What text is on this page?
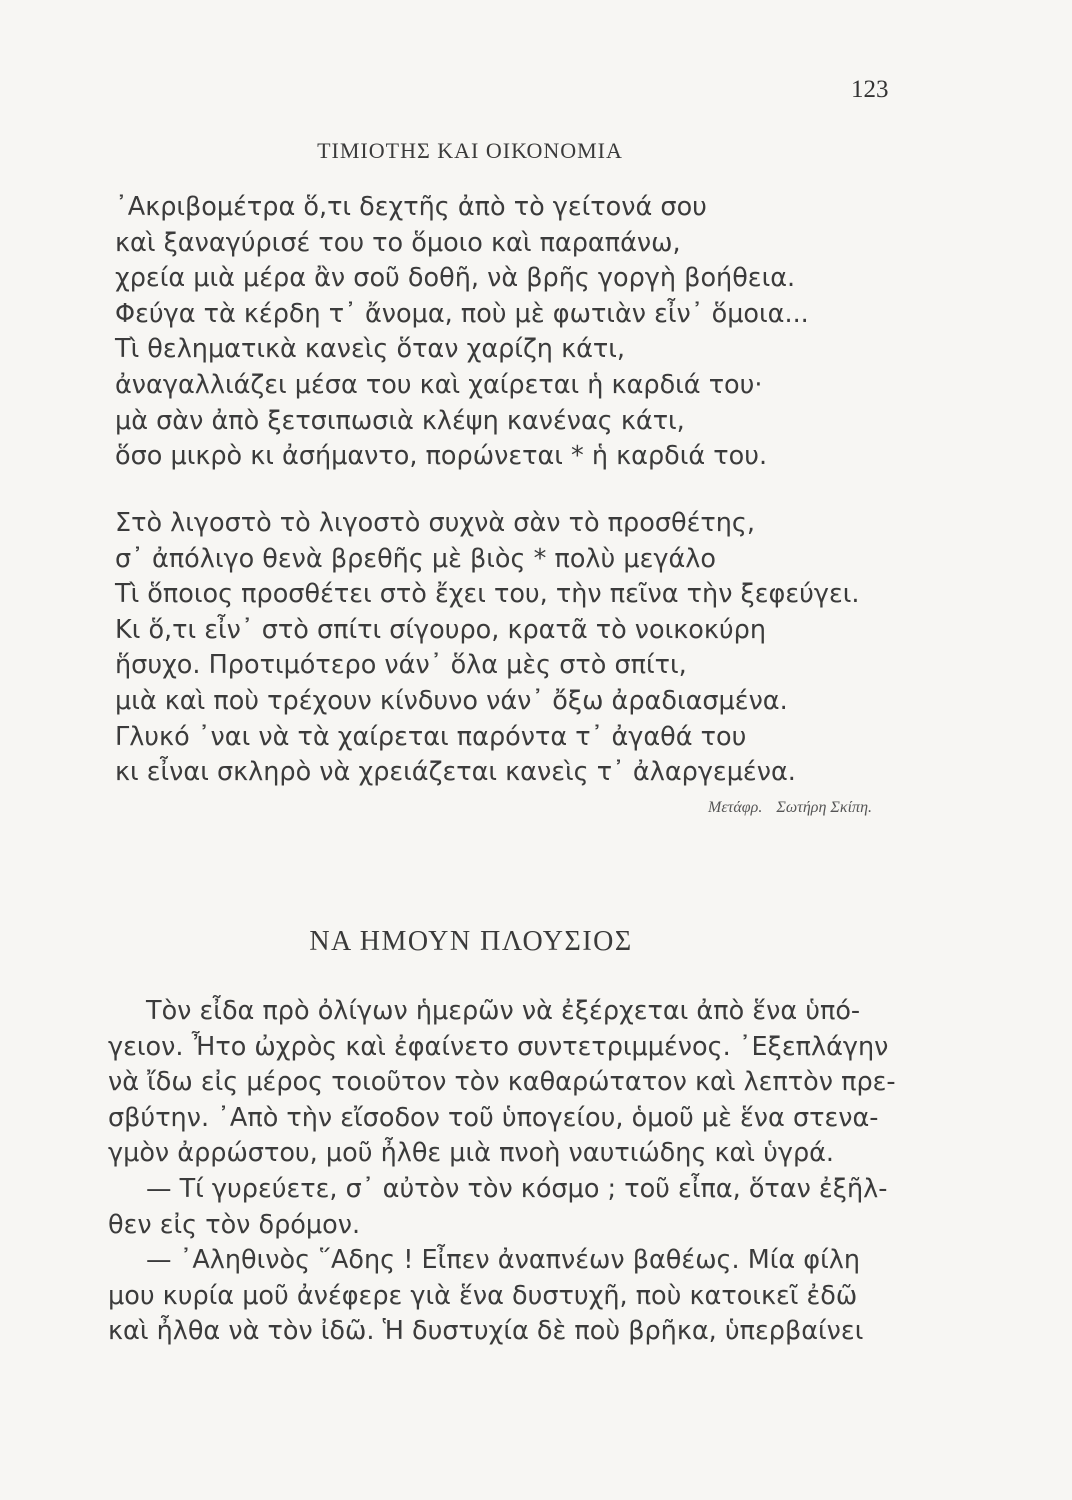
123
ΤΙΜΙΟΤΗΣ ΚΑΙ ΟΙΚΟΝΟΜΙΑ
᾿Ακριβομέτρα ὅ,τι δεχτῆς ἀπὸ τὸ γείτονά σου
καὶ ξαναγύρισέ του το ὅμοιο καὶ παραπάνω,
χρεία μιὰ μέρα ἂν σοῦ δοθῆ, νὰ βρῆς γοργὴ βοήθεια.
Φεύγα τὰ κέρδη τ᾿ ἄνομα, ποὺ μὲ φωτιὰν εἶν᾿ ὅμοια...
Τὶ θεληματικὰ κανεὶς ὅταν χαρίζη κάτι,
ἀναγαλλιάζει μέσα του καὶ χαίρεται ἡ καρδιά του·
μὰ σὰν ἀπὸ ξετσιπωσιὰ κλέψη κανένας κάτι,
ὅσο μικρὸ κι ἀσήμαντο, πορώνεται * ἡ καρδιά του.
Στὸ λιγοστὸ τὸ λιγοστὸ συχνὰ σὰν τὸ προσθέτης,
σ᾿ ἀπόλιγο θενὰ βρεθῆς μὲ βιὸς * πολὺ μεγάλο
Τὶ ὅποιος προσθέτει στὸ ἔχει του, τὴν πεῖνα τὴν ξεφεύγει.
Κι ὅ,τι εἶν᾿ στὸ σπίτι σίγουρο, κρατᾶ τὸ νοικοκύρη
ἥσυχο. Προτιμότερο νάν᾿ ὅλα μὲς στὸ σπίτι,
μιὰ καὶ ποὺ τρέχουν κίνδυνο νάν᾿ ὄξω ἀραδιασμένα.
Γλυκό ᾿ναι νὰ τὰ χαίρεται παρόντα τ᾿ ἀγαθά του
κι εἶναι σκληρὸ νὰ χρειάζεται κανεὶς τ᾿ ἀλαργεμένα.
Μετάφρ. Σωτήρη Σκίπη.
ΝΑ ΗΜΟΥΝ ΠΛΟΥΣΙΟΣ
Τὸν εἶδα πρὸ ὀλίγων ἡμερῶν νὰ ἐξέρχεται ἀπὸ ἕνα ὑπό-
γειον. Ἦτο ὠχρὸς καὶ ἐφαίνετο συντετριμμένος. ᾿Εξεπλάγην
νὰ ἴδω εἰς μέρος τοιοῦτον τὸν καθαρώτατον καὶ λεπτὸν πρε-
σβύτην. ᾿Απὸ τὴν εἴσοδον τοῦ ὑπογείου, ὁμοῦ μὲ ἕνα στενα-
γμὸν ἀρρώστου, μοῦ ἦλθε μιὰ πνοὴ ναυτιώδης καὶ ὑγρά.
— Τί γυρεύετε, σ᾿ αὐτὸν τὸν κόσμο ; τοῦ εἶπα, ὅταν ἐξῆλ-
θεν εἰς τὸν δρόμον.
— ᾿Αληθινὸς ῞Αδης ! Εἶπεν ἀναπνέων βαθέως. Μία φίλη
μου κυρία μοῦ ἀνέφερε γιὰ ἕνα δυστυχῆ, ποὺ κατοικεῖ ἐδῶ
καὶ ἦλθα νὰ τὸν ἰδῶ. Ἡ δυστυχία δὲ ποὺ βρῆκα, ὑπερβαίνει
